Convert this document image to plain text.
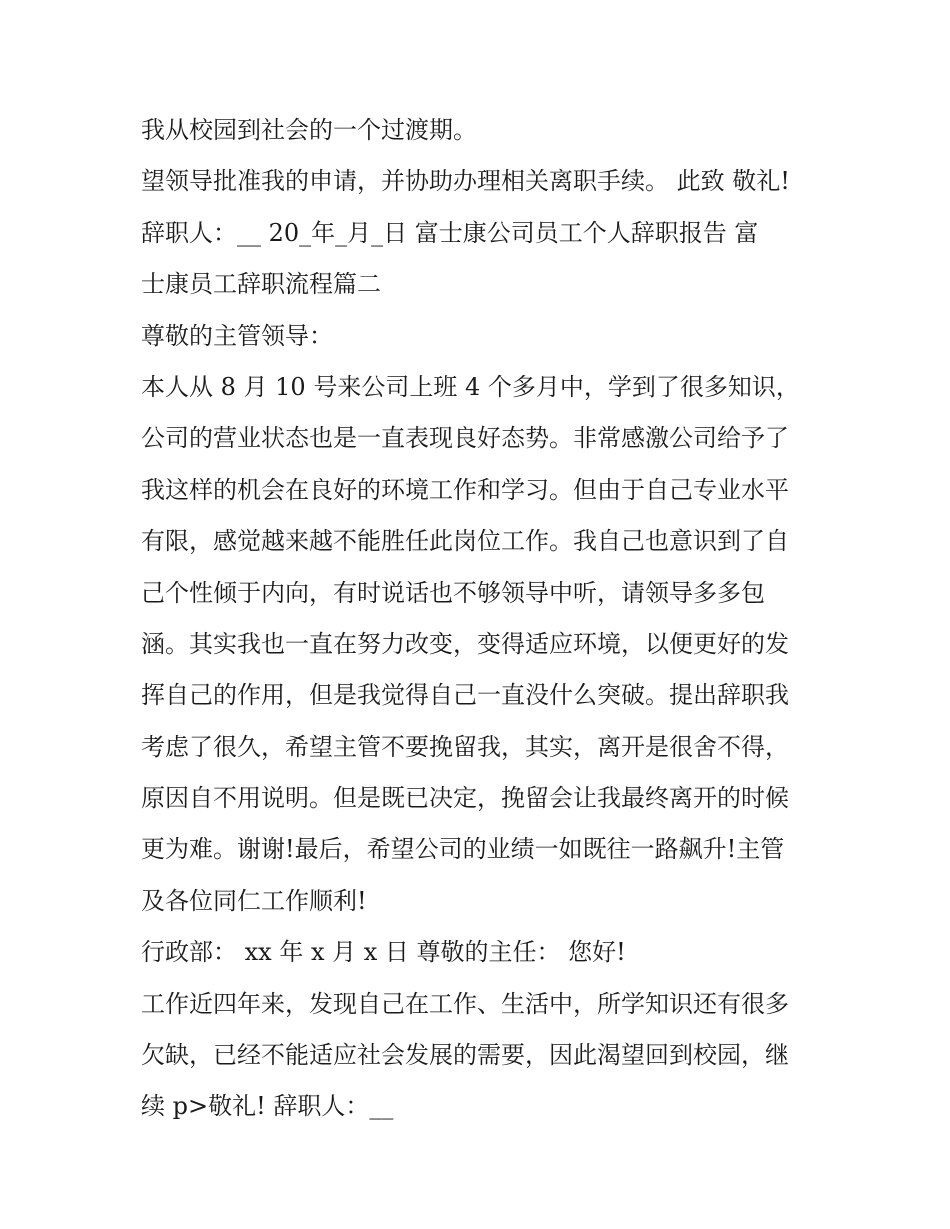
我从校园到社会的一个过渡期。
望领导批准我的申请，并协助办理相关离职手续。 此致 敬礼!
辞职人：__ 20_年_月_日 富士康公司员工个人辞职报告 富
士康员工辞职流程篇二
尊敬的主管领导：
本人从 8 月 10 号来公司上班 4 个多月中，学到了很多知识，
公司的营业状态也是一直表现良好态势。非常感激公司给予了
我这样的机会在良好的环境工作和学习。但由于自己专业水平
有限，感觉越来越不能胜任此岗位工作。我自己也意识到了自
己个性倾于内向，有时说话也不够领导中听，请领导多多包
涵。其实我也一直在努力改变，变得适应环境，以便更好的发
挥自己的作用，但是我觉得自己一直没什么突破。提出辞职我
考虑了很久，希望主管不要挽留我，其实，离开是很舍不得，
原因自不用说明。但是既已决定，挽留会让我最终离开的时候
更为难。谢谢!最后，希望公司的业绩一如既往一路飙升!主管
及各位同仁工作顺利!
行政部： xx 年 x 月 x 日 尊敬的主任： 您好!
工作近四年来，发现自己在工作、生活中，所学知识还有很多
欠缺，已经不能适应社会发展的需要，因此渴望回到校园，继
续 p>敬礼! 辞职人：__
